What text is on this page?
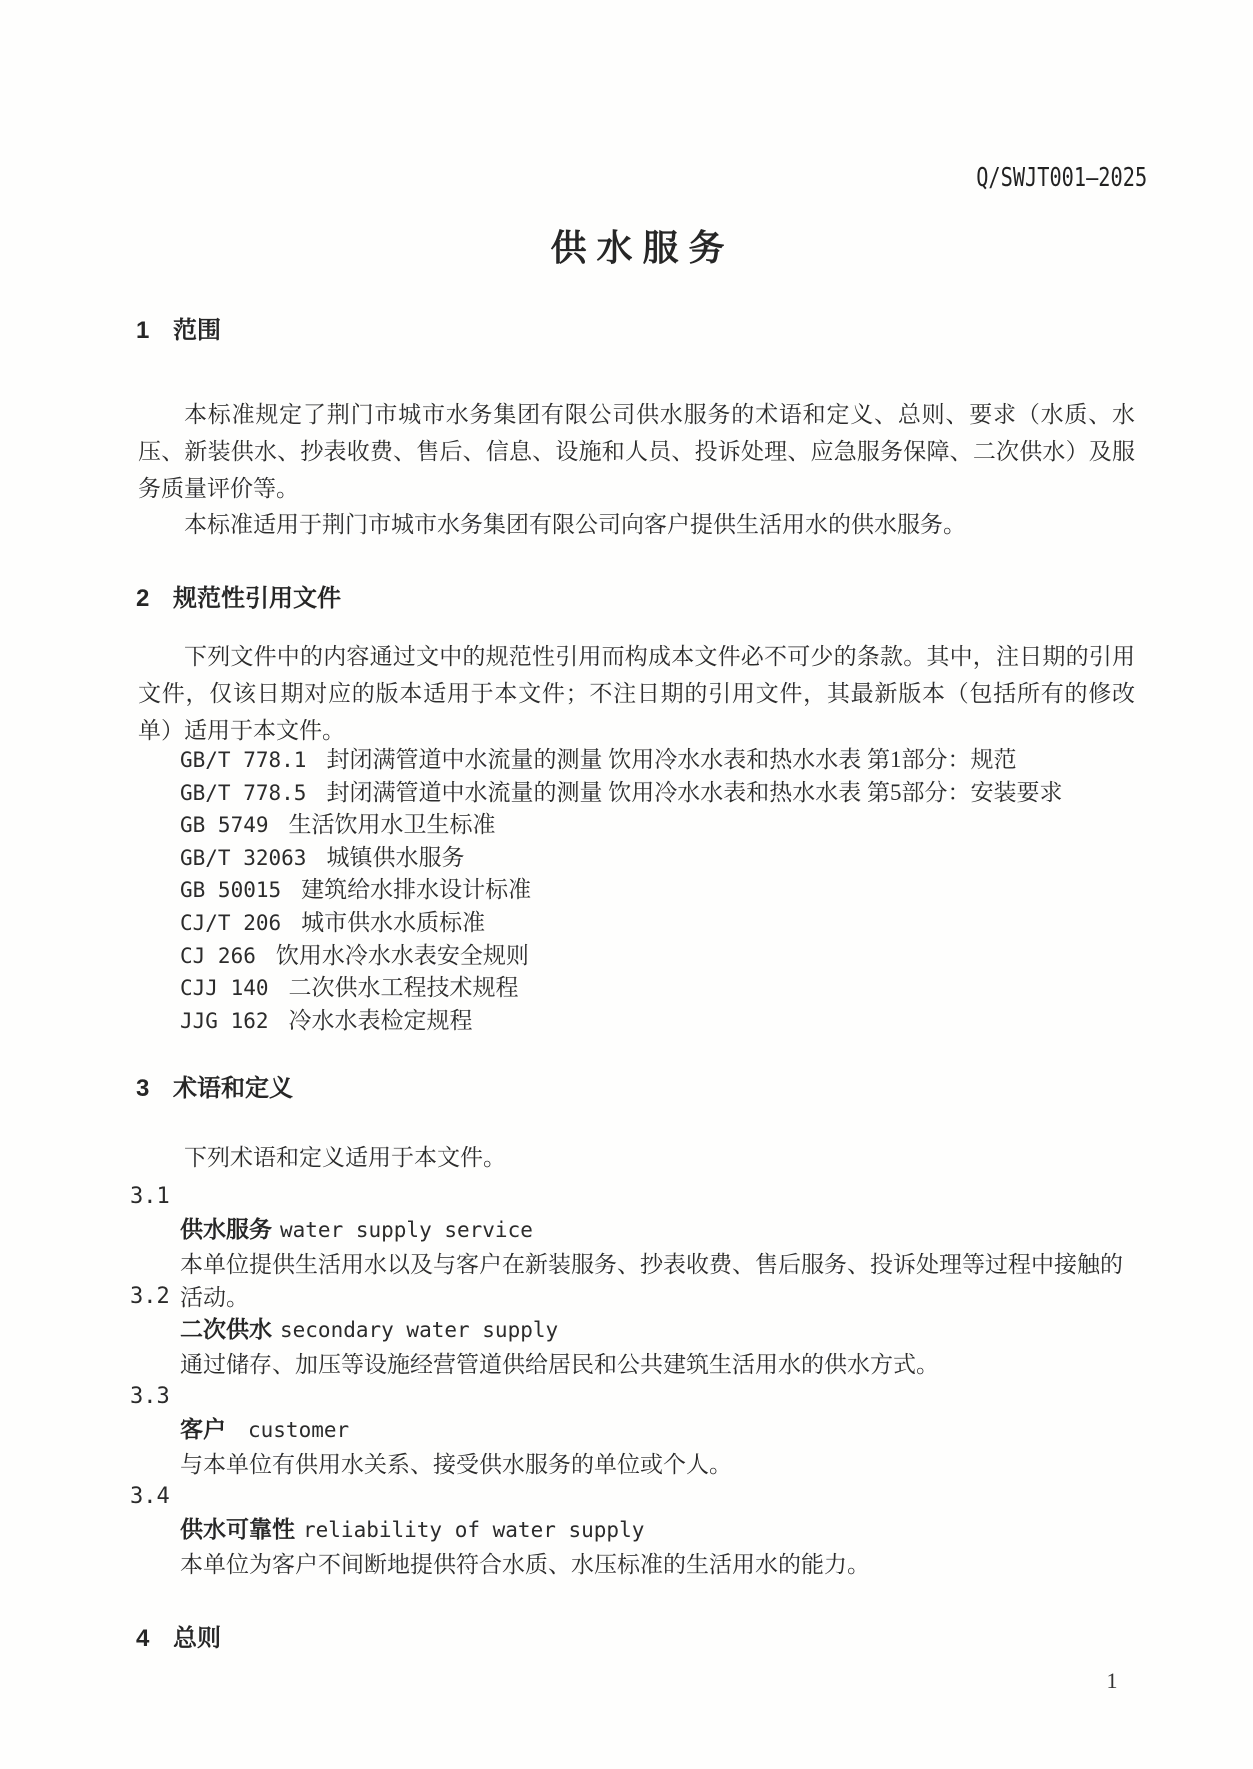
Q/SWJT001—2025
供水服务
1 范围

本标准规定了荆门市城市水务集团有限公司供水服务的术语和定义、总则、要求（水质、水压、新装供水、抄表收费、售后、信息、设施和人员、投诉处理、应急服务保障、二次供水）及服务质量评价等。

本标准适用于荆门市城市水务集团有限公司向客户提供生活用水的供水服务。

2 规范性引用文件

下列文件中的内容通过文中的规范性引用而构成本文件必不可少的条款。其中，注日期的引用文件，仅该日期对应的版本适用于本文件；不注日期的引用文件，其最新版本（包括所有的修改单）适用于本文件。

GB/T 778.1 封闭满管道中水流量的测量 饮用冷水水表和热水水表 第1部分：规范
GB/T 778.5 封闭满管道中水流量的测量 饮用冷水水表和热水水表 第5部分：安装要求
GB 5749 生活饮用水卫生标准
GB/T 32063 城镇供水服务
GB 50015 建筑给水排水设计标准
CJ/T 206 城市供水水质标准
CJ 266 饮用水冷水水表安全规则
CJJ 140 二次供水工程技术规程
JJG 162 冷水水表检定规程
3 术语和定义

下列术语和定义适用于本文件。

3.1
供水服务 water supply service
本单位提供生活用水以及与客户在新装服务、抄表收费、售后服务、投诉处理等过程中接触的活动。
3.2
二次供水 secondary water supply
通过储存、加压等设施经营管道供给居民和公共建筑生活用水的供水方式。
3.3
客户 customer
与本单位有供用水关系、接受供水服务的单位或个人。
3.4
供水可靠性 reliability of water supply
本单位为客户不间断地提供符合水质、水压标准的生活用水的能力。
4 总则
1
